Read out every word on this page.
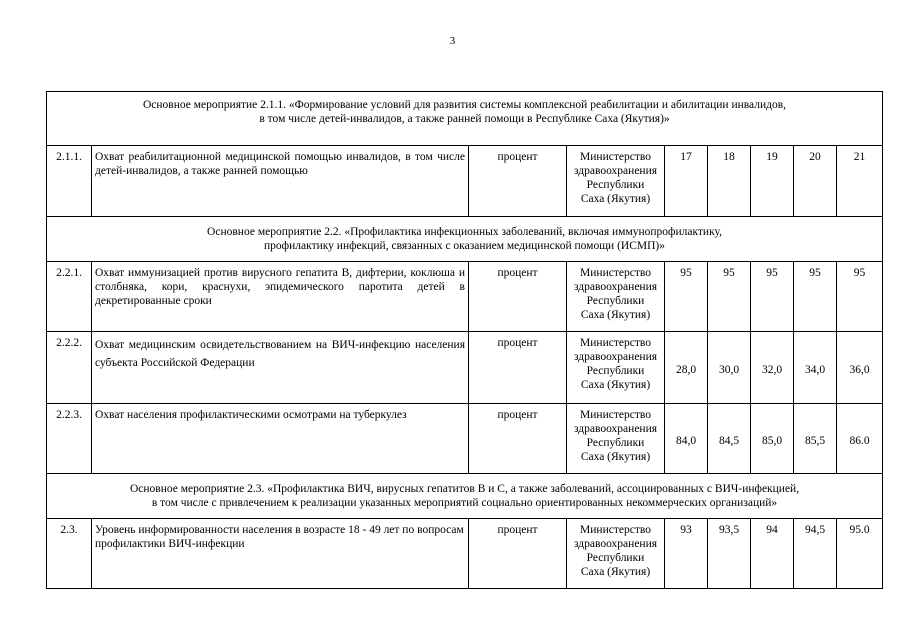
3
Основное мероприятие 2.1.1. «Формирование условий для развития системы комплексной реабилитации и абилитации инвалидов,
в том числе детей-инвалидов, а также ранней помощи в Республике Саха (Якутия)»								

2.1.1.	Охват реабилитационной медицинской помощью инвалидов, в том числе детей-инвалидов, а также ранней помощью	процент	Министерство
здравоохранения
Республики
Саха (Якутия)	17	18	19	20	21

Основное мероприятие 2.2. «Профилактика инфекционных заболеваний, включая иммунопрофилактику,
профилактику инфекций, связанных с оказанием медицинской помощи (ИСМП)»								

2.2.1.	Охват иммунизацией против вирусного гепатита В, дифтерии, коклюша и столбняка, кори, краснухи, эпидемического паротита детей в декретированные сроки	процент	Министерство
здравоохранения
Республики
Саха (Якутия)	95	95	95	95	95
2.2.2.	Охват медицинским освидетельствованием на ВИЧ-инфекцию населения субъекта Российской Федерации	процент	Министерство
здравоохранения
Республики
Саха (Якутия)	28,0	30,0	32,0	34,0	36,0
2.2.3.	Охват населения профилактическими осмотрами на туберкулез	процент	Министерство
здравоохранения
Республики
Саха (Якутия)	84,0	84,5	85,0	85,5	86.0

Основное мероприятие 2.3. «Профилактика ВИЧ, вирусных гепатитов В и С, а также заболеваний, ассоциированных с ВИЧ-инфекцией,
в том числе с привлечением к реализации указанных мероприятий социально ориентированных некоммерческих организаций»								

2.3.	Уровень информированности населения в возрасте 18 - 49 лет по вопросам профилактики ВИЧ-инфекции	процент	Министерство
здравоохранения
Республики
Саха (Якутия)	93	93,5	94	94,5	95.0
